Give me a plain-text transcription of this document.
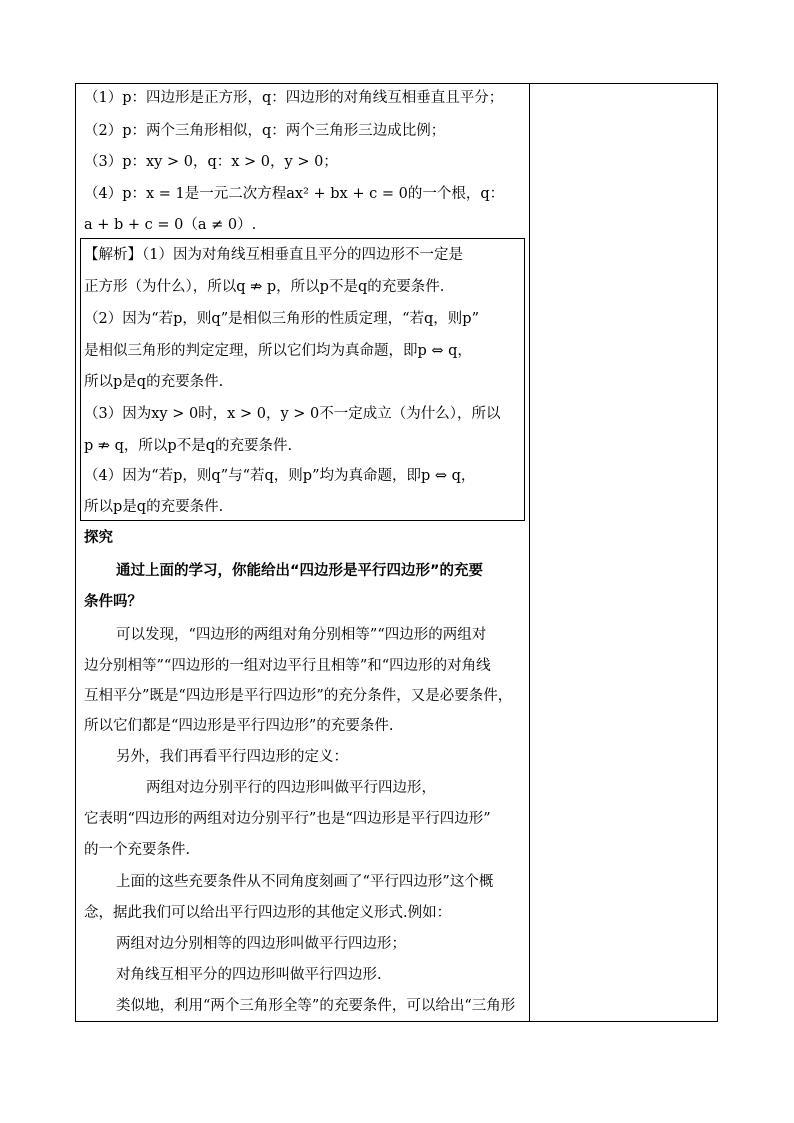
（1）p：四边形是正方形，q：四边形的对角线互相垂直且平分；
（2）p：两个三角形相似，q：两个三角形三边成比例；
（3）p：xy > 0，q：x > 0，y > 0；
（4）p：x = 1是一元二次方程ax² + bx + c = 0的一个根，q：
a + b + c = 0（a ≠ 0）.
【解析】（1）因为对角线互相垂直且平分的四边形不一定是
正方形（为什么），所以q ⇏ p，所以p不是q的充要条件.
（2）因为“若p，则q”是相似三角形的性质定理，“若q，则p”
是相似三角形的判定定理，所以它们均为真命题，即p ⇔ q，
所以p是q的充要条件.
（3）因为xy > 0时，x > 0，y > 0不一定成立（为什么），所以
p ⇏ q，所以p不是q的充要条件.
（4）因为“若p，则q”与“若q，则p”均为真命题，即p ⇔ q，
所以p是q的充要条件.
探究
通过上面的学习，你能给出“四边形是平行四边形”的充要
条件吗？
可以发现，“四边形的两组对角分别相等”“四边形的两组对
边分别相等”“四边形的一组对边平行且相等”和“四边形的对角线
互相平分”既是“四边形是平行四边形”的充分条件，又是必要条件，
所以它们都是“四边形是平行四边形”的充要条件.
另外，我们再看平行四边形的定义：
两组对边分别平行的四边形叫做平行四边形，
它表明“四边形的两组对边分别平行”也是“四边形是平行四边形”
的一个充要条件.
上面的这些充要条件从不同角度刻画了“平行四边形”这个概
念，据此我们可以给出平行四边形的其他定义形式.例如：
两组对边分别相等的四边形叫做平行四边形；
对角线互相平分的四边形叫做平行四边形.
类似地，利用“两个三角形全等”的充要条件，可以给出“三角形
